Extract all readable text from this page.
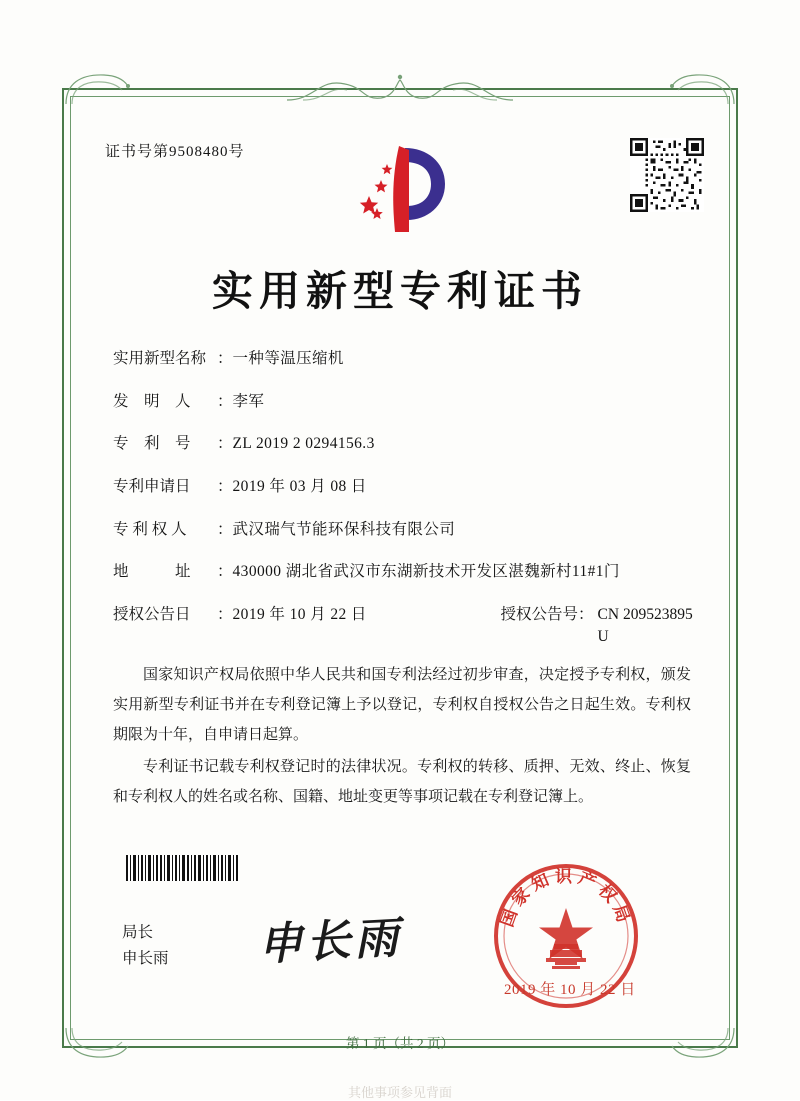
证书号第9508480号
实用新型专利证书
实用新型名称 ： 一种等温压缩机
发　明　人	： 李军
专　利　号	： ZL 2019 2 0294156.3
专利申请日	： 2019 年 03 月 08 日
专 利 权 人	： 武汉瑞气节能环保科技有限公司
地　　　址	： 430000 湖北省武汉市东湖新技术开发区湛魏新村11#1门
授权公告日	： 2019 年 10 月 22 日	授权公告号： CN 209523895 U

国家知识产权局依照中华人民共和国专利法经过初步审查，决定授予专利权，颁发实用新型专利证书并在专利登记簿上予以登记，专利权自授权公告之日起生效。专利权期限为十年，自申请日起算。

专利证书记载专利权登记时的法律状况。专利权的转移、质押、无效、终止、恢复和专利权人的姓名或名称、国籍、地址变更等事项记载在专利登记簿上。

局长
申长雨 申长雨	国家知识产权局
2019 年 10 月 22 日
第 1 页（共 2 页）
其他事项参见背面
